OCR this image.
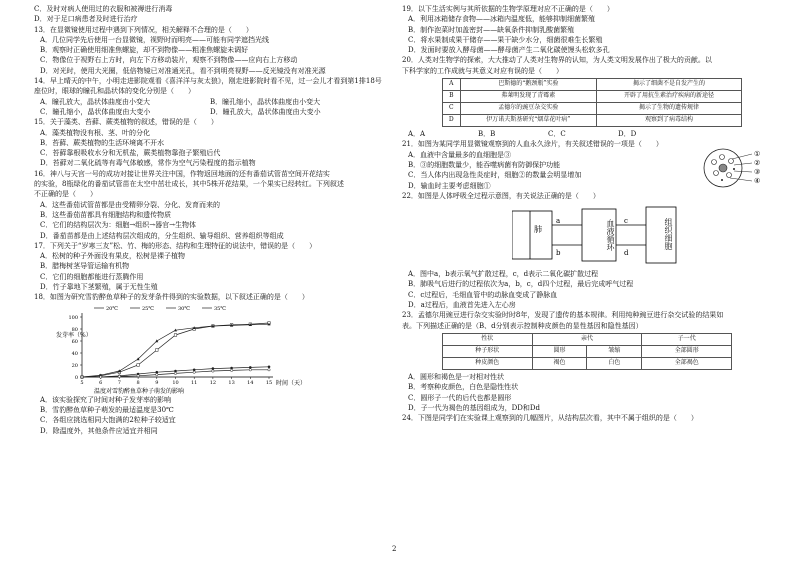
C．及时对病人使用过的衣服和被褥进行消毒
D．对于足口病患者及时进行治疗
13．在显微镜使用过程中遇到下列情况，相关解释不合理的是（　　）
A．几位同学先后使用一台显微镜，视野时而明亮——可能有同学遮挡光线
B．观察时正确使用细准焦螺旋，却不到物像——粗准焦螺旋未调好
C．物像位于视野右上方时，向左下方移动装片，观察不到物像——应向右上方移动
D．对光时，使用大光圈，低倍物镜已对准通光孔，看不到明亮视野——反光镜没有对准光源
14．早上晴天的中午，小明走进影院观看《喜洋洋与灰太狼》，刚走进影院时看不见，过一会儿才看到第1排18号
座位时，眼球的瞳孔和晶状体的变化分别是（　　）
A．瞳孔放大，晶状体曲度由小变大	B．瞳孔缩小，晶状体曲度由小变大
C．瞳孔缩小，晶状体曲度由大变小	D．瞳孔放大，晶状体曲度由大变小
15．关于藻类、苔藓、蕨类植物的叙述，错误的是（　　）
A．藻类植物没有根、茎、叶的分化
B．苔藓、蕨类植物的生活环境离不开水
C．苔藓靠根吸收水分和无机盐，蕨类植物靠孢子繁殖后代
D．苔藓对二氧化硫等有毒气体敏感，常作为空气污染程度的指示植物
16．神八与天宫一号的成功对接让世界关注中国，作物返回地面的还有番茄试管苗空间开花结实
的实验，8瓶绿化的番茄试管苗在太空中茁壮成长，其中5株开花结果，一个果实已经转红。下列叙述
不正确的是（　　）
A．这些番茄试管苗都是由受精卵分裂、分化、发育而来的
B．这些番茄苗都具有细胞结构和遗传物质
C．它们的结构层次为：细胞→组织→器官→生物体
D．番茄苗都是由上述结构层次组成的，分生组织、输导组织、营养组织等组成
17．下列关于“岁寒三友”松、竹、梅的形态、结构和生理特征的说法中，错误的是（　　）
A．松树的种子外面没有果皮，松树是裸子植物
B．腊梅树茎导管运输有机物
C．它们的细胞都能进行蒸腾作用
D．竹子靠地下茎繁殖，属于无性生殖
18．如图为研究雪豹醉鱼草种子的发芽条件得到的实验数据，以下叙述正确的是（　　）
20℃	25℃	30℃	35℃
0
20
40
60
80
100
5	6	7	8	9	10 11 12 13 14 15
发芽率（%）
时间（天）
温度对雪豹醉鱼草种子萌发的影响
A．该实验探究了时间对种子发芽率的影响
B．雪豹醉鱼草种子萌发的最适温度是30℃
C．各组应挑选相同大饱满的2粒种子较适宜
D．除温度外，其他条件应适宜并相同
19．以下生活实例与其所依据的生物学原理对应不正确的是（　　）
A．利用冰箱储存食物——冰箱内温度低，能够抑制细菌繁殖
B．制作泡菜时加盖密封——缺氧条件抑制乳酸菌繁殖
C．将水果制成果干储存——果干缺少水分，细菌很难生长繁殖
D．发面时要放入酵母菌——酵母菌产生二氧化碳使馒头松软多孔
20．人类对生物学的探索，大大推动了人类对生物界的认知，为人类文明发展作出了极大的贡献。以
下科学家的工作成就与其意义对应有误的是（　　）
A	巴斯德的“鹅颈瓶”实验	揭示了细菌不是自发产生的
B	弗莱明发现了青霉素	开辟了用抗生素治疗疾病的新途径
C	孟德尔的豌豆杂交实验	揭示了生物的遗传规律
D	伊万诺夫斯基研究“烟草花叶病”	观察到了病毒结构
A．A	B．B	C．C	D．D
21．如图为某同学用显微镜观察到的人血永久涂片，有关叙述错误的一项是（　　）
A．血液中含量最多的血细胞是③
B．③的细胞数量少，能吞噬病菌有防御保护功能
C．当人体内出现急性炎症时，细胞②的数量会明显增加
D．输血时主要考虑细胞①
①
②
③
④
22．如图是人体呼吸全过程示意图，有关说法正确的是（　　）
a
b
c
d
肺	血液循环	组织细胞
A．图中a，b表示氧气扩散过程，c，d表示二氧化碳扩散过程
B．肺吸气后进行的过程依次为a，b，c，d四个过程，最后完成呼气过程
C．c过程后，毛细血管中的动脉血变成了静脉血
D．a过程后，血液首先进入左心房
23．孟德尔用豌豆进行杂交实验时时8年，发现了遗传的基本规律。利用纯种豌豆进行杂交试验的结果如
表。下列描述正确的是（B、d分别表示控制种皮颜色的显性基因和隐性基因）
性状	亲代		子一代
种子形状	圆形	皱缩	全部圆形
种皮颜色	褐色	白色	全部褐色
A．圆形和褐色是一对相对性状
B．考察种皮颜色，白色是隐性性状
C．圆形子一代的后代也都是圆形
D．子一代为褐色的基因组成为，DD和Dd
24．下图是同学们在实验课上观察到的几幅图片，从结构层次看，其中不属于组织的是（　　）
2
